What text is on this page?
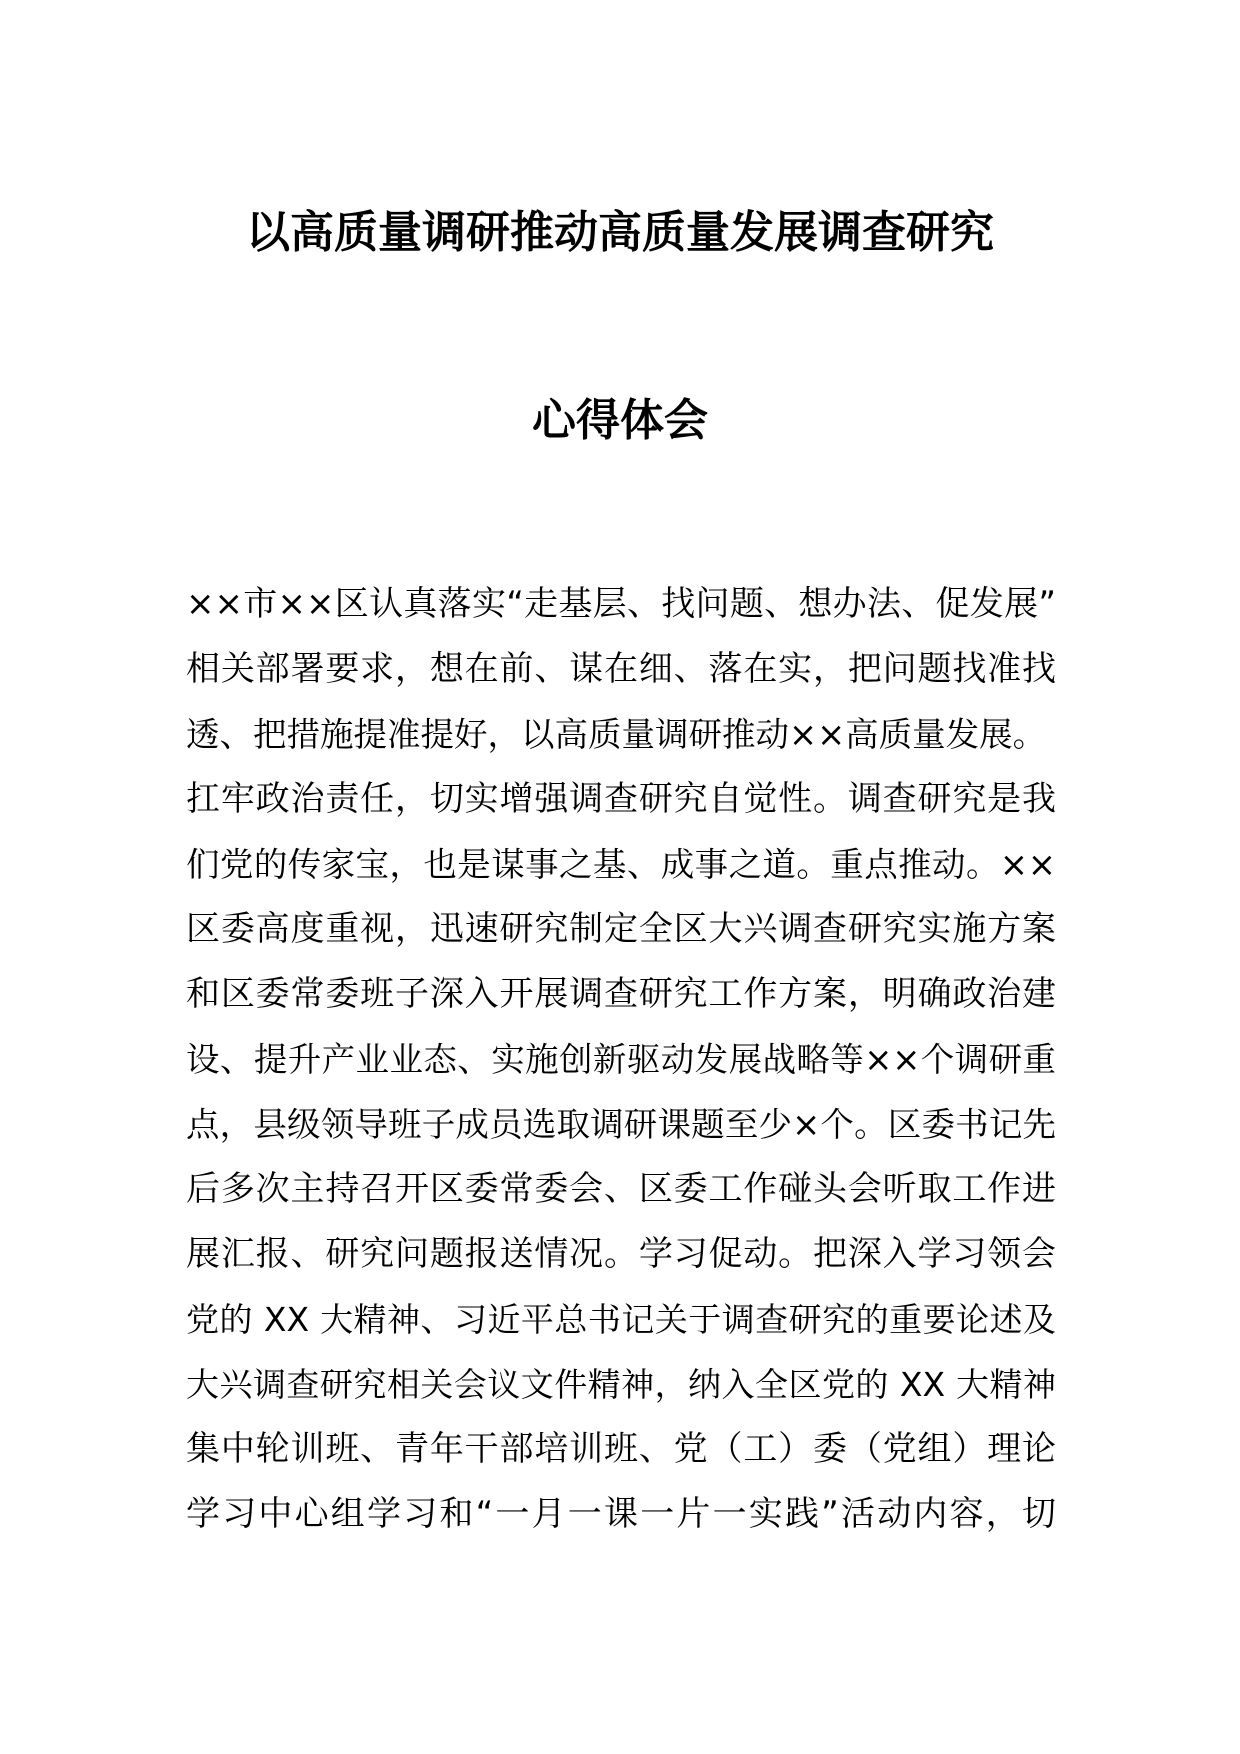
以高质量调研推动高质量发展调查研究
心得体会
××市××区认真落实“走基层、找问题、想办法、促发展”
相关部署要求，想在前、谋在细、落在实，把问题找准找
透、把措施提准提好，以高质量调研推动××高质量发展。
扛牢政治责任，切实增强调查研究自觉性。调查研究是我
们党的传家宝，也是谋事之基、成事之道。重点推动。××
区委高度重视，迅速研究制定全区大兴调查研究实施方案
和区委常委班子深入开展调查研究工作方案，明确政治建
设、提升产业业态、实施创新驱动发展战略等××个调研重
点，县级领导班子成员选取调研课题至少×个。区委书记先
后多次主持召开区委常委会、区委工作碰头会听取工作进
展汇报、研究问题报送情况。学习促动。把深入学习领会
党的 XX 大精神、习近平总书记关于调查研究的重要论述及
大兴调查研究相关会议文件精神，纳入全区党的 XX 大精神
集中轮训班、青年干部培训班、党（工）委（党组）理论
学习中心组学习和“一月一课一片一实践”活动内容，切
